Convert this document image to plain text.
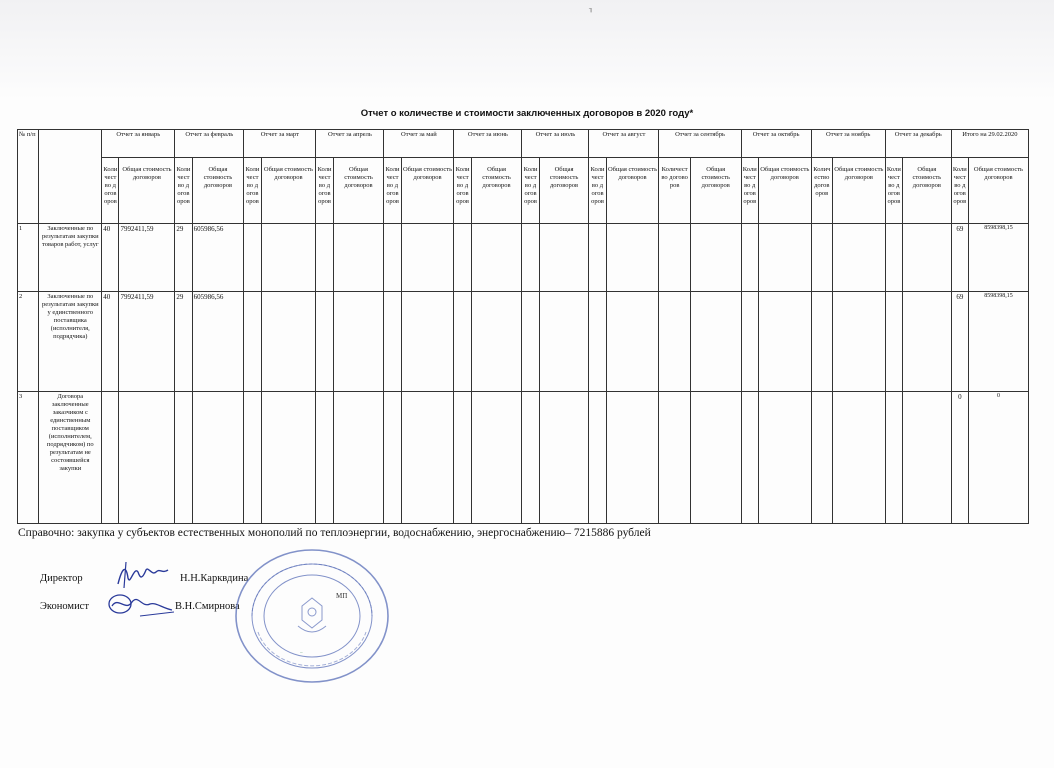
⸣
Отчет о количестве и стоимости заключенных договоров в 2020 году*
№ п/п		Отчет за январь		Отчет за февраль		Отчет за март		Отчет за апрель		Отчет за май		Отчет за июнь		Отчет за июль		Отчет за август		Отчет за сентябрь		Отчет за октябрь		Отчет за ноябрь		Отчет за декабрь		Итого на 29.02.2020	
		Количество договоров	Общая стоимость договоров	Количество договоров	Общая стоимость договоров	Количество договоров	Общая стоимость договоров	Количество договоров	Общая стоимость договоров	Количество договоров	Общая стоимость договоров	Количество договоров	Общая стоимость договоров	Количество договоров	Общая стоимость договоров	Количество договоров	Общая стоимость договоров	Количество договоров	Общая стоимость договоров	Количество договоров	Общая стоимость договоров	Количество договоров	Общая стоимость договоров	Количество договоров	Общая стоимость договоров	Количество договоров	Общая стоимость договоров
1	Заключенные по результатам закупки товаров работ, услуг	40	7992411,59	29	605986,56																					69	8598398,15
2	Заключенные по результатам закупки у единственного поставщика (исполнителя, подрядчика)	40	7992411,59	29	605986,56																					69	8598398,15
3	Договора заключенные заказчиком с единственным поставщиком (исполнителем, подрядчиком) по результатам не состоявшейся закупки																									0	0
Справочно: закупка у субъектов естественных монополий по теплоэнергии, водоснабжению, энергоснабжению– 7215886 рублей
Директор	Н.Н.Карквдина
Экономист	В.Н.Смирнова
МП
~
